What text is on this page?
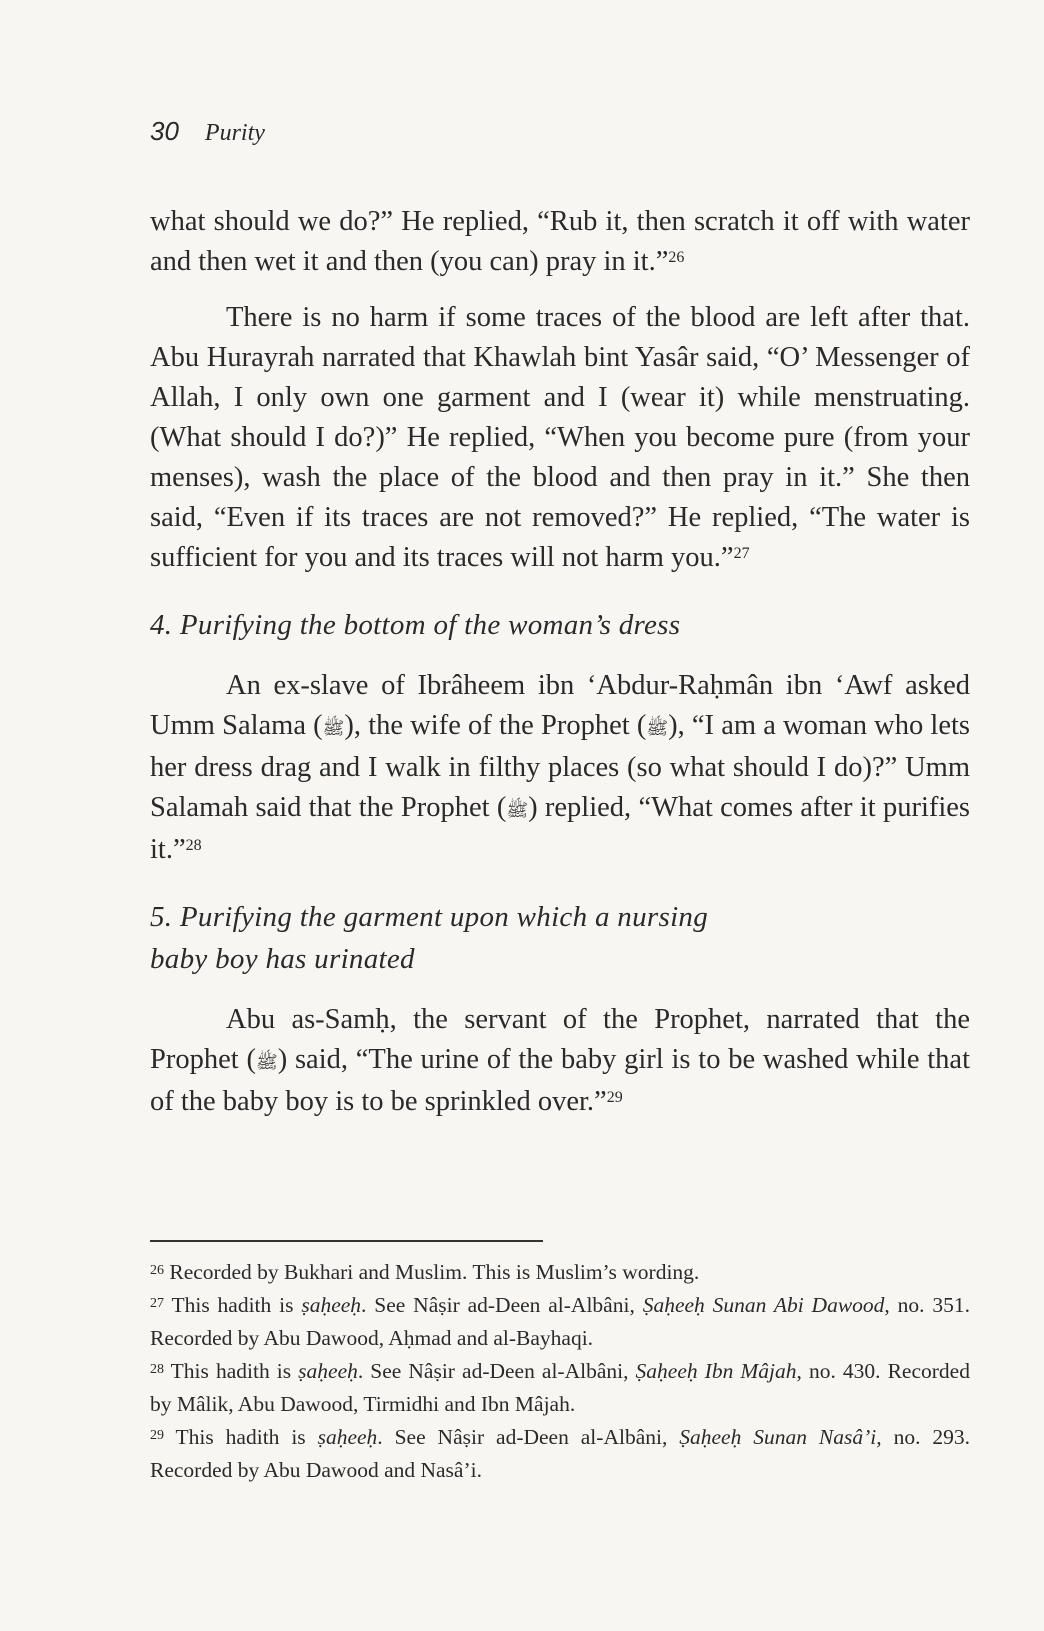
30 Purity

what should we do?” He replied, “Rub it, then scratch it off with water and then wet it and then (you can) pray in it.”$^{26}$

There is no harm if some traces of the blood are left after that. Abu Hurayrah narrated that Khawlah bint Yasâr said, “O’ Messenger of Allah, I only own one garment and I (wear it) while menstruating. (What should I do?)” He replied, “When you become pure (from your menses), wash the place of the blood and then pray in it.” She then said, “Even if its traces are not removed?” He replied, “The water is sufficient for you and its traces will not harm you.”$^{27}$

4. Purifying the bottom of the woman’s dress

An ex-slave of Ibrâheem ibn ‘Abdur-Raḥmân ibn ‘Awf asked Umm Salama (ﷺ), the wife of the Prophet (ﷺ), “I am a woman who lets her dress drag and I walk in filthy places (so what should I do)?” Umm Salamah said that the Prophet (ﷺ) replied, “What comes after it purifies it.”$^{28}$

5. Purifying the garment upon which a nursing baby boy has urinated

Abu as-Samḥ, the servant of the Prophet, narrated that the Prophet (ﷺ) said, “The urine of the baby girl is to be washed while that of the baby boy is to be sprinkled over.”$^{29}$

$^{26}$ Recorded by Bukhari and Muslim. This is Muslim’s wording.

$^{27}$ This hadith is ṣaḥeeḥ. See Nâṣir ad-Deen al-Albâni, Ṣaḥeeḥ Sunan Abi Dawood, no. 351. Recorded by Abu Dawood, Aḥmad and al-Bayhaqi.

$^{28}$ This hadith is ṣaḥeeḥ. See Nâṣir ad-Deen al-Albâni, Ṣaḥeeḥ Ibn Mâjah, no. 430. Recorded by Mâlik, Abu Dawood, Tirmidhi and Ibn Mâjah.

$^{29}$ This hadith is ṣaḥeeḥ. See Nâṣir ad-Deen al-Albâni, Ṣaḥeeḥ Sunan Nasâ’i, no. 293. Recorded by Abu Dawood and Nasâ’i.
